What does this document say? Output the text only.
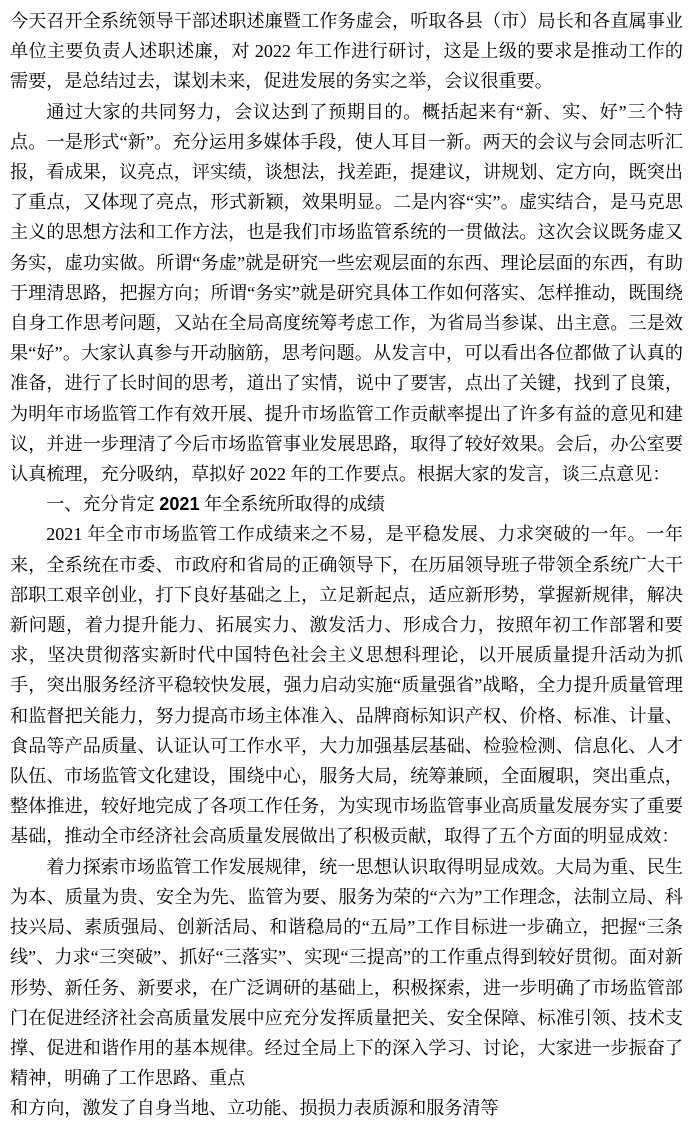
今天召开全系统领导干部述职述廉暨工作务虚会，听取各县（市）局长和各直属事业单位主要负责人述职述廉，对 2022 年工作进行研讨，这是上级的要求是推动工作的需要，是总结过去，谋划未来，促进发展的务实之举，会议很重要。

通过大家的共同努力，会议达到了预期目的。概括起来有“新、实、好”三个特点。一是形式“新”。充分运用多媒体手段，使人耳目一新。两天的会议与会同志听汇报，看成果，议亮点，评实绩，谈想法，找差距，提建议，讲规划、定方向，既突出了重点，又体现了亮点，形式新颖，效果明显。二是内容“实”。虚实结合，是马克思主义的思想方法和工作方法，也是我们市场监管系统的一贯做法。这次会议既务虚又务实，虚功实做。所谓“务虚”就是研究一些宏观层面的东西、理论层面的东西，有助于理清思路，把握方向；所谓“务实”就是研究具体工作如何落实、怎样推动，既围绕自身工作思考问题，又站在全局高度统筹考虑工作，为省局当参谋、出主意。三是效果“好”。大家认真参与开动脑筋，思考问题。从发言中，可以看出各位都做了认真的准备，进行了长时间的思考，道出了实情，说中了要害，点出了关键，找到了良策，为明年市场监管工作有效开展、提升市场监管工作贡献率提出了许多有益的意见和建议，并进一步理清了今后市场监管事业发展思路，取得了较好效果。会后，办公室要认真梳理，充分吸纳，草拟好 2022 年的工作要点。根据大家的发言，谈三点意见：

一、充分肯定 2021 年全系统所取得的成绩

2021 年全市市场监管工作成绩来之不易，是平稳发展、力求突破的一年。一年来，全系统在市委、市政府和省局的正确领导下，在历届领导班子带领全系统广大干部职工艰辛创业，打下良好基础之上，立足新起点，适应新形势，掌握新规律，解决新问题，着力提升能力、拓展实力、激发活力、形成合力，按照年初工作部署和要求，坚决贯彻落实新时代中国特色社会主义思想科理论，以开展质量提升活动为抓手，突出服务经济平稳较快发展，强力启动实施“质量强省”战略，全力提升质量管理和监督把关能力，努力提高市场主体准入、品牌商标知识产权、价格、标准、计量、食品等产品质量、认证认可工作水平，大力加强基层基础、检验检测、信息化、人才队伍、市场监管文化建设，围绕中心，服务大局，统筹兼顾，全面履职，突出重点，整体推进，较好地完成了各项工作任务，为实现市场监管事业高质量发展夯实了重要基础，推动全市经济社会高质量发展做出了积极贡献，取得了五个方面的明显成效：

着力探索市场监管工作发展规律，统一思想认识取得明显成效。大局为重、民生为本、质量为贵、安全为先、监管为要、服务为荣的“六为”工作理念，法制立局、科技兴局、素质强局、创新活局、和谐稳局的“五局”工作目标进一步确立，把握“三条线”、力求“三突破”、抓好“三落实”、实现“三提高”的工作重点得到较好贯彻。面对新形势、新任务、新要求，在广泛调研的基础上，积极探索，进一步明确了市场监管部门在促进经济社会高质量发展中应充分发挥质量把关、安全保障、标准引领、技术支撑、促进和谐作用的基本规律。经过全局上下的深入学习、讨论，大家进一步振奋了精神，明确了工作思路、重点

和方向，激发了自身当地、立功能、损损力表质源和服务清等
